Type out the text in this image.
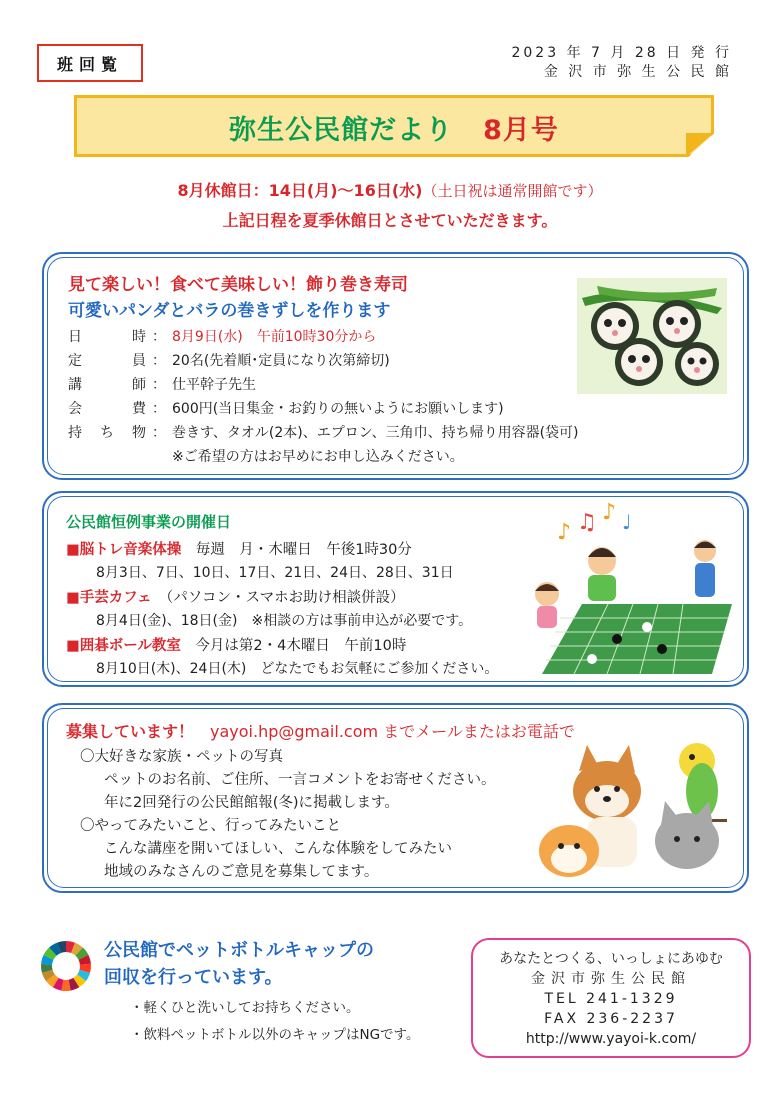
班回覧
2023 年 7 月 28 日 発 行
金 沢 市 弥 生 公 民 館
弥生公民館だより 8月号
8月休館日：14日(月)～16日(水)（土日祝は通常開館です）
上記日程を夏季休館日とさせていただきます。
見て楽しい！食べて美味しい！飾り巻き寿司
可愛いパンダとバラの巻きずしを作ります
日	時 ： 8月9日(水)　午前10時30分から
定	員 ： 20名(先着順･定員になり次第締切)
講	師 ： 仕平幹子先生
会	費 ： 600円(当日集金・お釣りの無いようにお願いします)
持 ち 物 ： 巻きす、タオル(2本)、エプロン、三角巾、持ち帰り用容器(袋可)
※ご希望の方はお早めにお申し込みください。
公民館恒例事業の開催日
■脳トレ音楽体操　毎週　月・木曜日　午後1時30分
8月3日、7日、10日、17日、21日、24日、28日、31日
■手芸カフェ　（パソコン・スマホお助け相談併設）
8月4日(金)、18日(金)　※相談の方は事前申込が必要です。
■囲碁ボール教室　今月は第2・4木曜日　午前10時
8月10日(木)、24日(木)　どなたでもお気軽にご参加ください。
♪ ♫ ♪ ♩
募集しています！　yayoi.hp@gmail.com までメールまたはお電話で
〇大好きな家族・ペットの写真
ペットのお名前、ご住所、一言コメントをお寄せください。
年に2回発行の公民館館報(冬)に掲載します。
〇やってみたいこと、行ってみたいこと
こんな講座を開いてほしい、こんな体験をしてみたい
地域のみなさんのご意見を募集してます。
公民館でペットボトルキャップの
回収を行っています。
・軽くひと洗いしてお持ちください。
・飲料ペットボトル以外のキャップはNGです。
あなたとつくる、いっしょにあゆむ
金沢市弥生公民館
TEL 241-1329
FAX 236-2237
http://www.yayoi-k.com/
